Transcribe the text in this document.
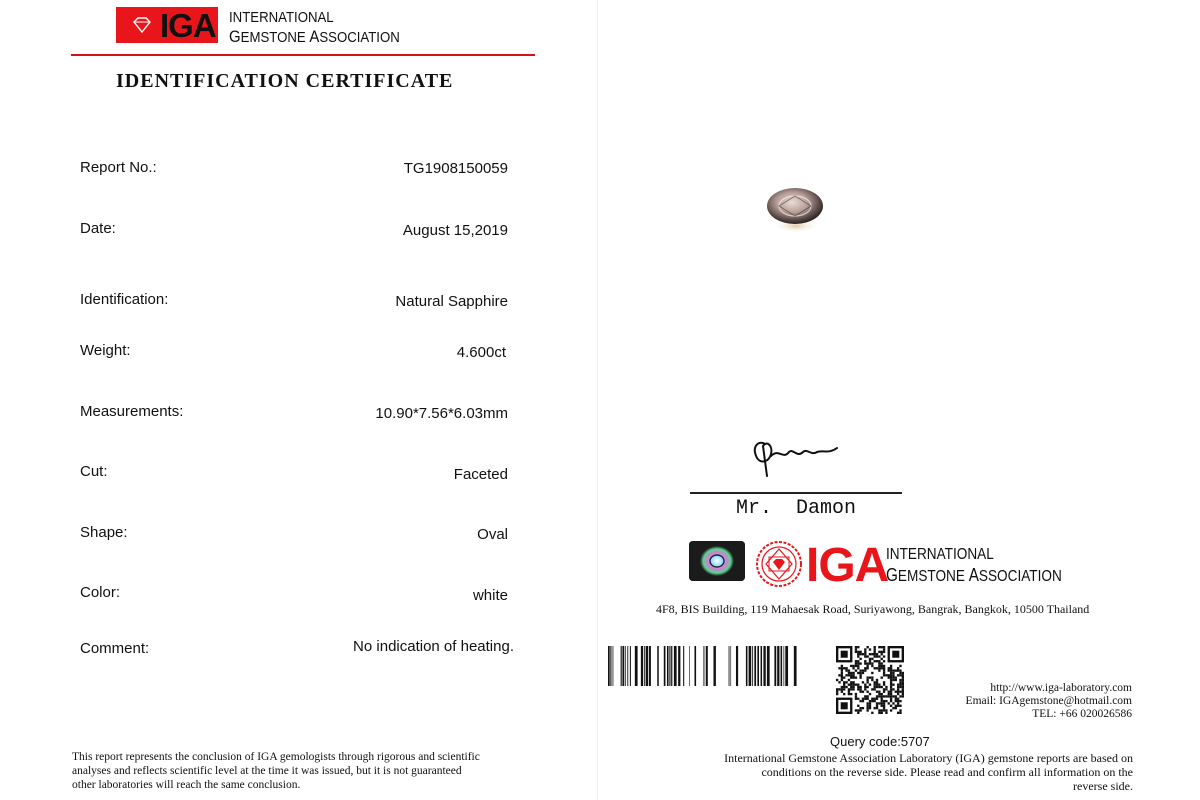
IGA INTERNATIONAL
GEMSTONE ASSOCIATION
IDENTIFICATION CERTIFICATE
Report No.:	TG1908150059
Date:	August 15,2019
Identification:	Natural Sapphire
Weight:	4.600ct
Measurements:	10.90*7.56*6.03mm
Cut:	Faceted
Shape:	Oval
Color:	white
Comment:	No indication of heating.
This report represents the conclusion of IGA gemologists through rigorous and scientific
analyses and reflects scientific level at the time it was issued, but it is not guaranteed
other laboratories will reach the same conclusion.
Mr.  Damon
IGA
INTERNATIONAL
GEMSTONE ASSOCIATION
4F8, BIS Building, 119 Mahaesak Road, Suriyawong, Bangrak, Bangkok, 10500 Thailand
http://www.iga-laboratory.com
Email: IGAgemstone@hotmail.com
TEL: +66 020026586
Query code:5707
International Gemstone Association Laboratory (IGA) gemstone reports are based on
conditions on the reverse side. Please read and confirm all information on the
reverse side.
